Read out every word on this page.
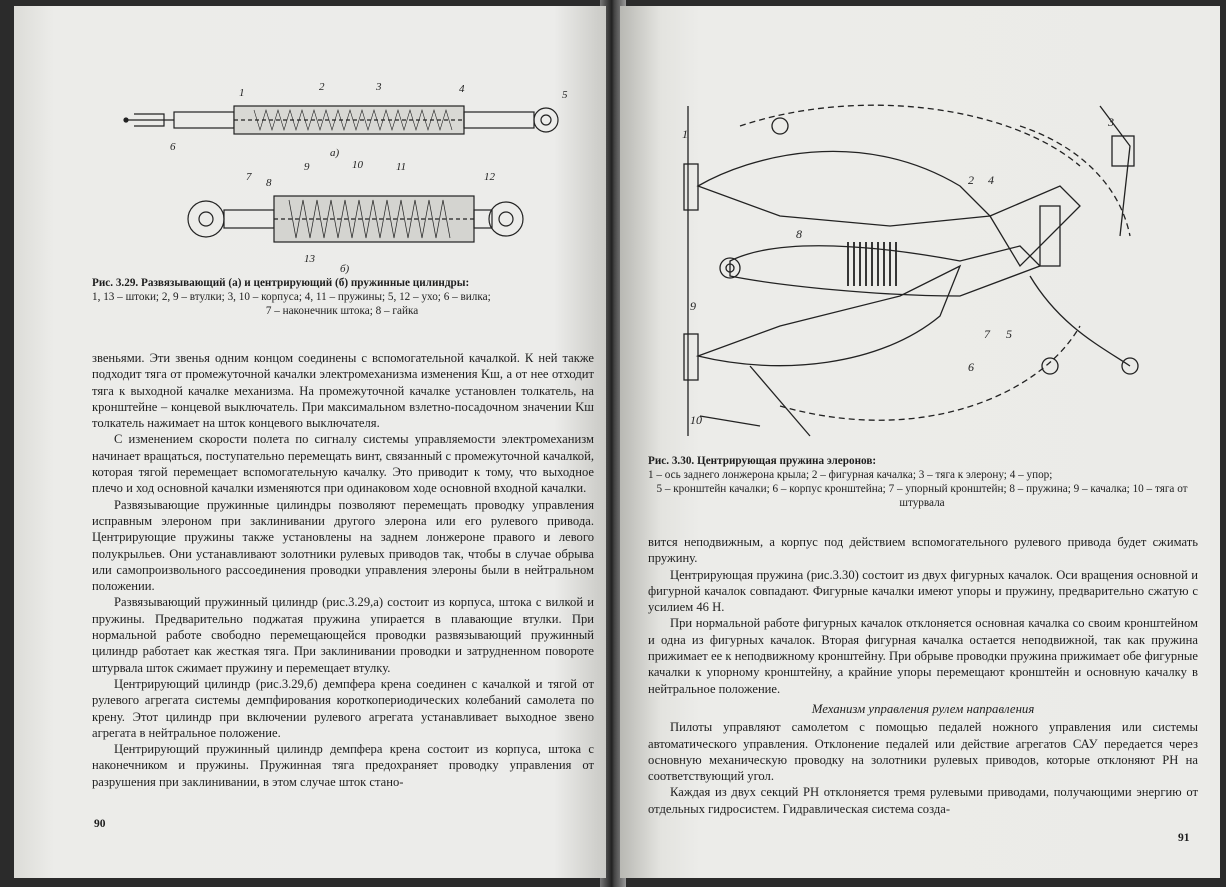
1	2	3	4	5
6	а)
7 8
9	10	11
12
13
б)
Рис. 3.29. Развязывающий (а) и центрирующий (б) пружинные цилиндры:
1, 13 – штоки; 2, 9 – втулки; 3, 10 – корпуса; 4, 11 – пружины; 5, 12 – ухо; 6 – вилка;
7 – наконечник штока; 8 – гайка

звеньями. Эти звенья одним концом соединены с вспомогательной качалкой. К ней также подходит тяга от промежуточной качалки электромеханизма изменения Kш, а от нее отходит тяга к выходной качалке механизма. На промежуточной качалке установлен толкатель, на кронштейне – концевой выключатель. При максимальном взлетно-посадочном значении Kш толкатель нажимает на шток концевого выключателя.

С изменением скорости полета по сигналу системы управляемости электромеханизм начинает вращаться, поступательно перемещать винт, связанный с промежуточной качалкой, которая тягой перемещает вспомогательную качалку. Это приводит к тому, что выходное плечо и ход основной качалки изменяются при одинаковом ходе основной входной качалки.

Развязывающие пружинные цилиндры позволяют перемещать проводку управления исправным элероном при заклинивании другого элерона или его рулевого привода. Центрирующие пружины также установлены на заднем лонжероне правого и левого полукрыльев. Они устанавливают золотники рулевых приводов так, чтобы в случае обрыва или самопроизвольного рассоединения проводки управления элероны были в нейтральном положении.

Развязывающий пружинный цилиндр (рис.3.29,а) состоит из корпуса, штока с вилкой и пружины. Предварительно поджатая пружина упирается в плавающие втулки. При нормальной работе свободно перемещающейся проводки развязывающий пружинный цилиндр работает как жесткая тяга. При заклинивании проводки и затрудненном повороте штурвала шток сжимает пружину и перемещает втулку.

Центрирующий цилиндр (рис.3.29,б) демпфера крена соединен с качалкой и тягой от рулевого агрегата системы демпфирования короткопериодических колебаний самолета по крену. Этот цилиндр при включении рулевого агрегата устанавливает выходное звено агрегата в нейтральное положение.

Центрирующий пружинный цилиндр демпфера крена состоит из корпуса, штока с наконечником и пружины. Пружинная тяга предохраняет проводку управления от разрушения при заклинивании, в этом случае шток стано-

90
1
2
3
4
5
6
7
8
9
10
Рис. 3.30. Центрирующая пружина элеронов:
1 – ось заднего лонжерона крыла; 2 – фигурная качалка; 3 – тяга к элерону; 4 – упор;
5 – кронштейн качалки; 6 – корпус кронштейна; 7 – упорный кронштейн; 8 – пружина; 9 – качалка; 10 – тяга от штурвала

вится неподвижным, а корпус под действием вспомогательного рулевого привода будет сжимать пружину.

Центрирующая пружина (рис.3.30) состоит из двух фигурных качалок. Оси вращения основной и фигурной качалок совпадают. Фигурные качалки имеют упоры и пружину, предварительно сжатую с усилием 46 Н.

При нормальной работе фигурных качалок отклоняется основная качалка со своим кронштейном и одна из фигурных качалок. Вторая фигурная качалка остается неподвижной, так как пружина прижимает ее к неподвижному кронштейну. При обрыве проводки пружина прижимает обе фигурные качалки к упорному кронштейну, а крайние упоры перемещают кронштейн и основную качалку в нейтральное положение.

Механизм управления рулем направления

Пилоты управляют самолетом с помощью педалей ножного управления или системы автоматического управления. Отклонение педалей или действие агрегатов САУ передается через основную механическую проводку на золотники рулевых приводов, которые отклоняют РН на соответствующий угол.

Каждая из двух секций РН отклоняется тремя рулевыми приводами, получающими энергию от отдельных гидросистем. Гидравлическая система созда-

91
